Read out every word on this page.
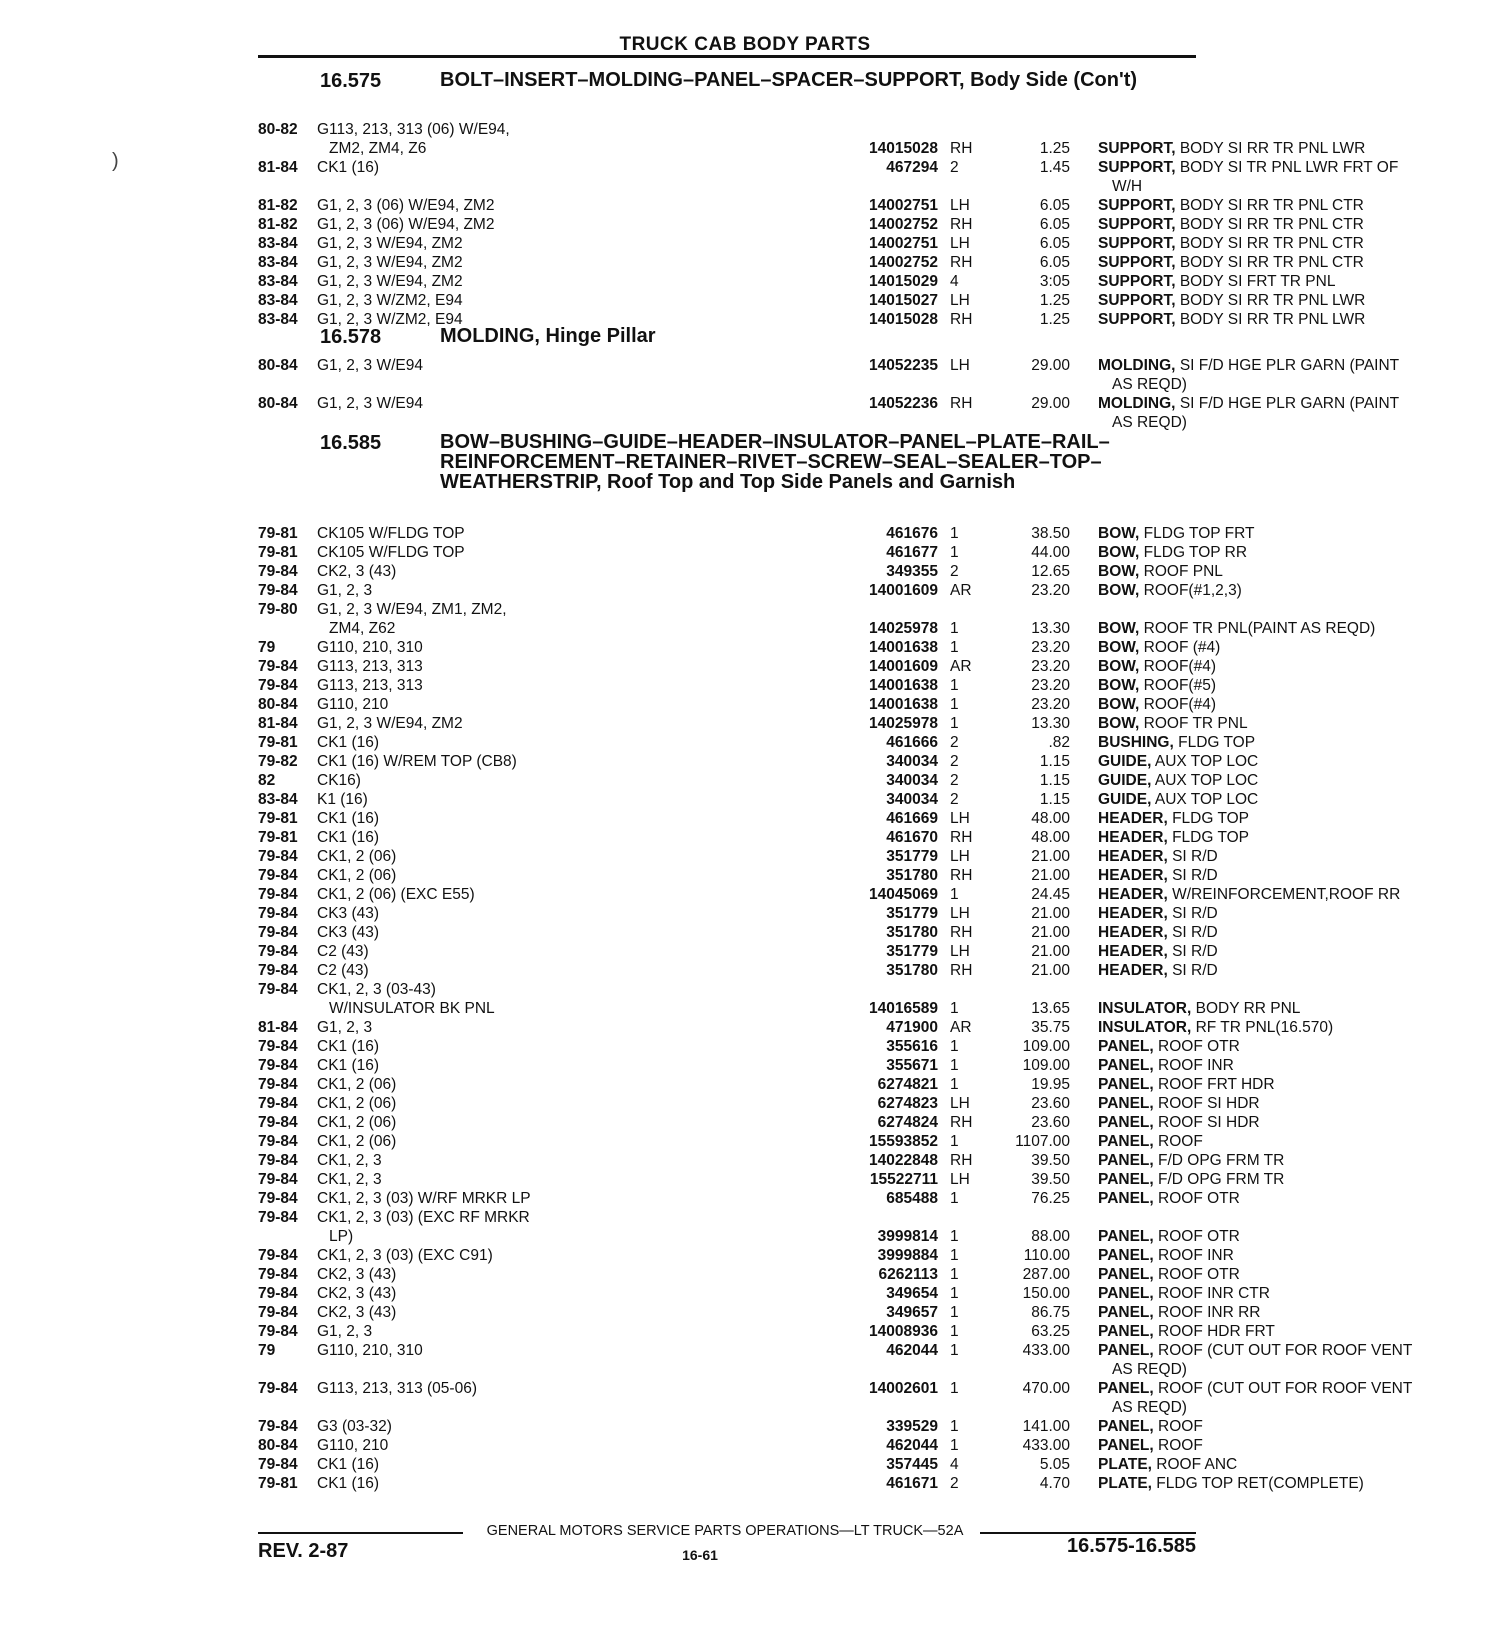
TRUCK CAB BODY PARTS
16.575	BOLT–INSERT–MOLDING–PANEL–SPACER–SUPPORT, Body Side (Con't)
80-82	G113, 213, 313 (06) W/E94,
ZM2, ZM4, Z6	14015028 RH	1.25 SUPPORT, BODY SI RR TR PNL LWR
81-84	CK1 (16)	467294 2	1.45 SUPPORT, BODY SI TR PNL LWR FRT OF
W/H
81-82	G1, 2, 3 (06) W/E94, ZM2	14002751 LH	6.05 SUPPORT, BODY SI RR TR PNL CTR
81-82	G1, 2, 3 (06) W/E94, ZM2	14002752 RH	6.05 SUPPORT, BODY SI RR TR PNL CTR
83-84	G1, 2, 3 W/E94, ZM2	14002751 LH	6.05 SUPPORT, BODY SI RR TR PNL CTR
83-84	G1, 2, 3 W/E94, ZM2	14002752 RH	6.05 SUPPORT, BODY SI RR TR PNL CTR
83-84	G1, 2, 3 W/E94, ZM2	14015029 4	3:05 SUPPORT, BODY SI FRT TR PNL
83-84	G1, 2, 3 W/ZM2, E94	14015027 LH	1.25 SUPPORT, BODY SI RR TR PNL LWR
83-84	G1, 2, 3 W/ZM2, E94	14015028 RH	1.25 SUPPORT, BODY SI RR TR PNL LWR
16.578	MOLDING, Hinge Pillar
80-84	G1, 2, 3 W/E94	14052235 LH	29.00 MOLDING, SI F/D HGE PLR GARN (PAINT
AS REQD)
80-84	G1, 2, 3 W/E94	14052236 RH	29.00 MOLDING, SI F/D HGE PLR GARN (PAINT
AS REQD)
16.585	BOW–BUSHING–GUIDE–HEADER–INSULATOR–PANEL–PLATE–RAIL–REINFORCEMENT–RETAINER–RIVET–SCREW–SEAL–SEALER–TOP–WEATHERSTRIP, Roof Top and Top Side Panels and Garnish
79-81	CK105 W/FLDG TOP	461676 1	38.50 BOW, FLDG TOP FRT
79-81	CK105 W/FLDG TOP	461677 1	44.00 BOW, FLDG TOP RR
79-84	CK2, 3 (43)	349355 2	12.65 BOW, ROOF PNL
79-84	G1, 2, 3	14001609 AR	23.20 BOW, ROOF(#1,2,3)
79-80	G1, 2, 3 W/E94, ZM1, ZM2,
ZM4, Z62	14025978 1	13.30 BOW, ROOF TR PNL(PAINT AS REQD)
79	G110, 210, 310	14001638 1	23.20 BOW, ROOF (#4)
79-84	G113, 213, 313	14001609 AR	23.20 BOW, ROOF(#4)
79-84	G113, 213, 313	14001638 1	23.20 BOW, ROOF(#5)
80-84	G110, 210	14001638 1	23.20 BOW, ROOF(#4)
81-84	G1, 2, 3 W/E94, ZM2	14025978 1	13.30 BOW, ROOF TR PNL
79-81	CK1 (16)	461666 2	.82 BUSHING, FLDG TOP
79-82	CK1 (16) W/REM TOP (CB8)	340034 2	1.15 GUIDE, AUX TOP LOC
82	CK16)	340034 2	1.15 GUIDE, AUX TOP LOC
83-84	K1 (16)	340034 2	1.15 GUIDE, AUX TOP LOC
79-81	CK1 (16)	461669 LH	48.00 HEADER, FLDG TOP
79-81	CK1 (16)	461670 RH	48.00 HEADER, FLDG TOP
79-84	CK1, 2 (06)	351779 LH	21.00 HEADER, SI R/D
79-84	CK1, 2 (06)	351780 RH	21.00 HEADER, SI R/D
79-84	CK1, 2 (06) (EXC E55)	14045069 1	24.45 HEADER, W/REINFORCEMENT,ROOF RR
79-84	CK3 (43)	351779 LH	21.00 HEADER, SI R/D
79-84	CK3 (43)	351780 RH	21.00 HEADER, SI R/D
79-84	C2 (43)	351779 LH	21.00 HEADER, SI R/D
79-84	C2 (43)	351780 RH	21.00 HEADER, SI R/D
79-84	CK1, 2, 3 (03-43)
W/INSULATOR BK PNL	14016589 1	13.65 INSULATOR, BODY RR PNL
81-84	G1, 2, 3	471900 AR	35.75 INSULATOR, RF TR PNL(16.570)
79-84	CK1 (16)	355616 1	109.00 PANEL, ROOF OTR
79-84	CK1 (16)	355671 1	109.00 PANEL, ROOF INR
79-84	CK1, 2 (06)	6274821 1	19.95 PANEL, ROOF FRT HDR
79-84	CK1, 2 (06)	6274823 LH	23.60 PANEL, ROOF SI HDR
79-84	CK1, 2 (06)	6274824 RH	23.60 PANEL, ROOF SI HDR
79-84	CK1, 2 (06)	15593852 1	1107.00 PANEL, ROOF
79-84	CK1, 2, 3	14022848 RH	39.50 PANEL, F/D OPG FRM TR
79-84	CK1, 2, 3	15522711 LH	39.50 PANEL, F/D OPG FRM TR
79-84	CK1, 2, 3 (03) W/RF MRKR LP	685488 1	76.25 PANEL, ROOF OTR
79-84	CK1, 2, 3 (03) (EXC RF MRKR
LP)	3999814 1	88.00 PANEL, ROOF OTR
79-84	CK1, 2, 3 (03) (EXC C91)	3999884 1	110.00 PANEL, ROOF INR
79-84	CK2, 3 (43)	6262113 1	287.00 PANEL, ROOF OTR
79-84	CK2, 3 (43)	349654 1	150.00 PANEL, ROOF INR CTR
79-84	CK2, 3 (43)	349657 1	86.75 PANEL, ROOF INR RR
79-84	G1, 2, 3	14008936 1	63.25 PANEL, ROOF HDR FRT
79	G110, 210, 310	462044 1	433.00 PANEL, ROOF (CUT OUT FOR ROOF VENT
AS REQD)
79-84	G113, 213, 313 (05-06)	14002601 1	470.00 PANEL, ROOF (CUT OUT FOR ROOF VENT
AS REQD)
79-84	G3 (03-32)	339529 1	141.00 PANEL, ROOF
80-84	G110, 210	462044 1	433.00 PANEL, ROOF
79-84	CK1 (16)	357445 4	5.05 PLATE, ROOF ANC
79-81	CK1 (16)	461671 2	4.70 PLATE, FLDG TOP RET(COMPLETE)
GENERAL MOTORS SERVICE PARTS OPERATIONS—LT TRUCK—52A
REV. 2-87	16-61	16.575-16.585
)
